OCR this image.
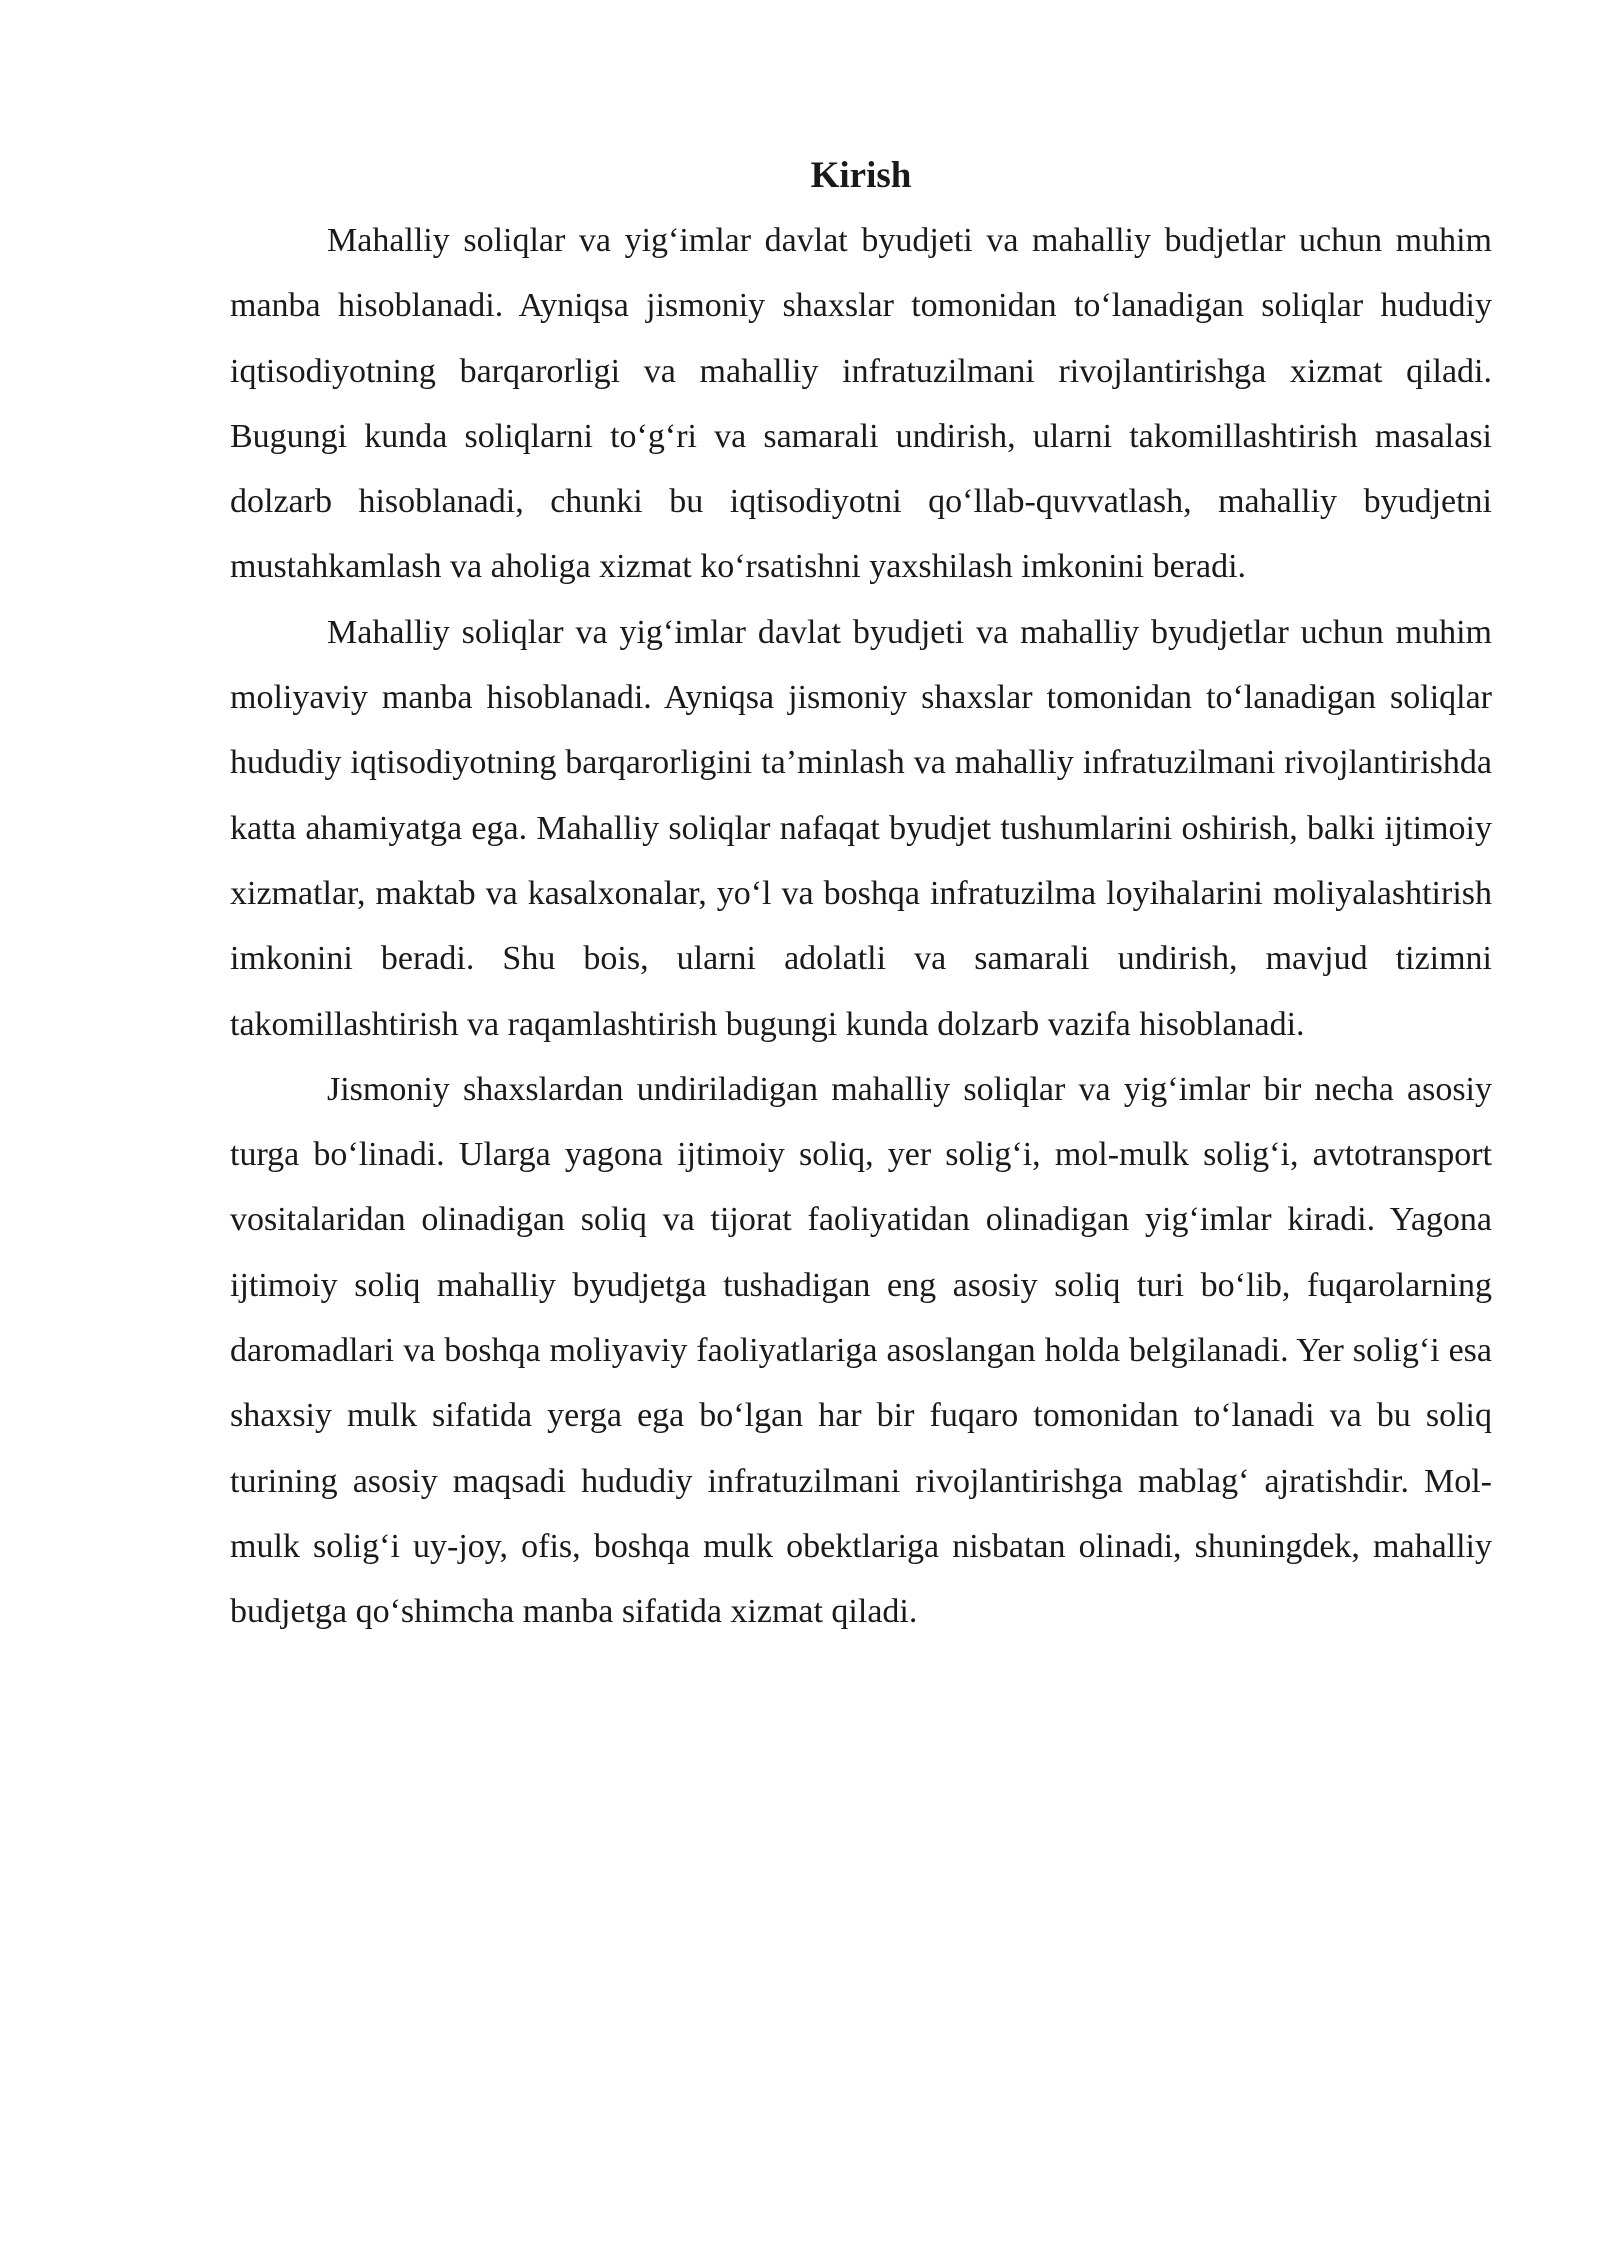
Kirish

Mahalliy soliqlar va yig‘imlar davlat byudjeti va mahalliy budjetlar uchun muhim manba hisoblanadi. Ayniqsa jismoniy shaxslar tomonidan to‘lanadigan soliqlar hududiy iqtisodiyotning barqarorligi va mahalliy infratuzilmani rivojlantirishga xizmat qiladi. Bugungi kunda soliqlarni to‘g‘ri va samarali undirish, ularni takomillashtirish masalasi dolzarb hisoblanadi, chunki bu iqtisodiyotni qo‘llab-quvvatlash, mahalliy byudjetni mustahkamlash va aholiga xizmat ko‘rsatishni yaxshilash imkonini beradi.

Mahalliy soliqlar va yig‘imlar davlat byudjeti va mahalliy byudjetlar uchun muhim moliyaviy manba hisoblanadi. Ayniqsa jismoniy shaxslar tomonidan to‘lanadigan soliqlar hududiy iqtisodiyotning barqarorligini ta’minlash va mahalliy infratuzilmani rivojlantirishda katta ahamiyatga ega. Mahalliy soliqlar nafaqat byudjet tushumlarini oshirish, balki ijtimoiy xizmatlar, maktab va kasalxonalar, yo‘l va boshqa infratuzilma loyihalarini moliyalashtirish imkonini beradi. Shu bois, ularni adolatli va samarali undirish, mavjud tizimni takomillashtirish va raqamlashtirish bugungi kunda dolzarb vazifa hisoblanadi.

Jismoniy shaxslardan undiriladigan mahalliy soliqlar va yig‘imlar bir necha asosiy turga bo‘linadi. Ularga yagona ijtimoiy soliq, yer solig‘i, mol-mulk solig‘i, avtotransport vositalaridan olinadigan soliq va tijorat faoliyatidan olinadigan yig‘imlar kiradi. Yagona ijtimoiy soliq mahalliy byudjetga tushadigan eng asosiy soliq turi bo‘lib, fuqarolarning daromadlari va boshqa moliyaviy faoliyatlariga asoslangan holda belgilanadi. Yer solig‘i esa shaxsiy mulk sifatida yerga ega bo‘lgan har bir fuqaro tomonidan to‘lanadi va bu soliq turining asosiy maqsadi hududiy infratuzilmani rivojlantirishga mablag‘ ajratishdir. Mol-mulk solig‘i uy-joy, ofis, boshqa mulk obektlariga nisbatan olinadi, shuningdek, mahalliy budjetga qo‘shimcha manba sifatida xizmat qiladi.
